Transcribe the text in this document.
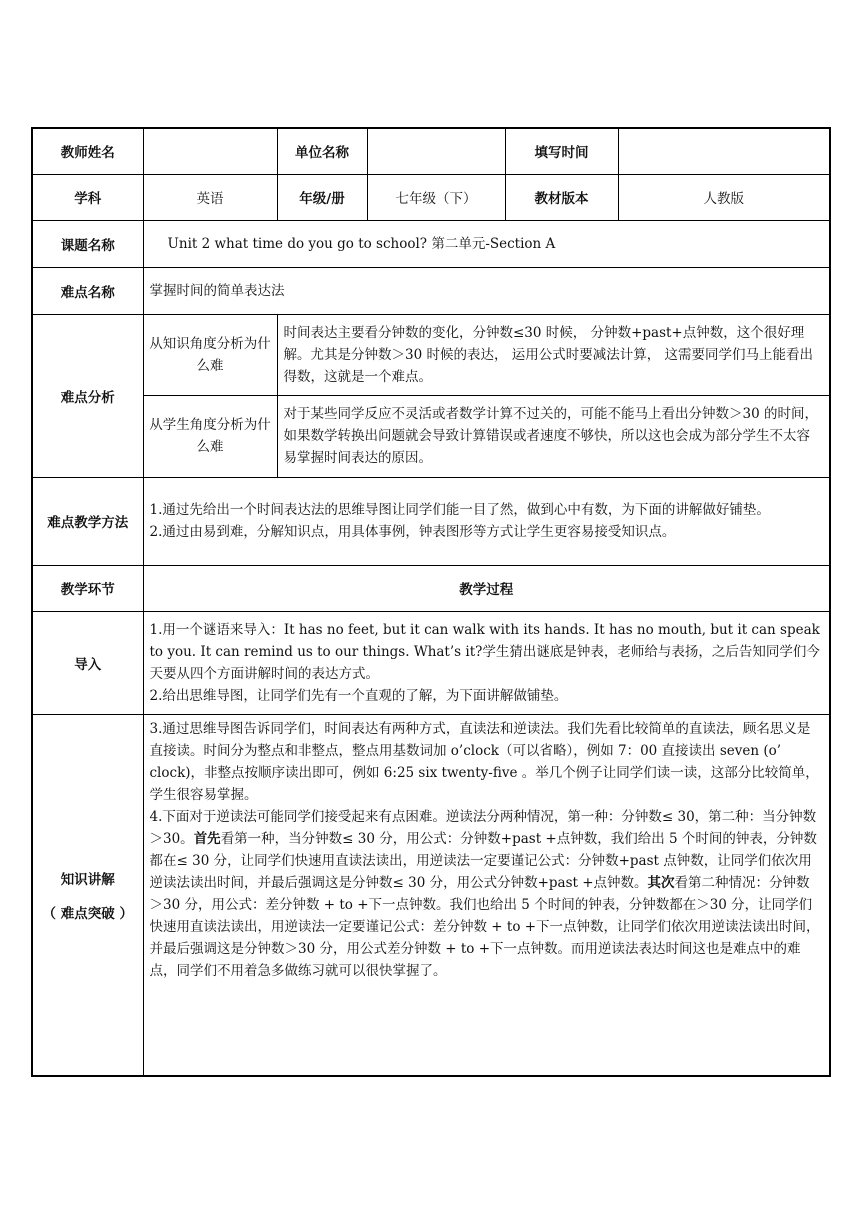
教师姓名		单位名称		填写时间	
学科	英语	年级/册	七年级（下）	教材版本	人教版
课题名称	Unit 2 what time do you go to school? 第二单元-Section A				
难点名称	掌握时间的简单表达法				
难点分析	从知识角度分析为什么难	时间表达主要看分钟数的变化，分钟数≤30 时候， 分钟数+past+点钟数，这个很好理解。尤其是分钟数＞30 时候的表达， 运用公式时要减法计算， 这需要同学们马上能看出得数，这就是一个难点。			
	从学生角度分析为什么难	对于某些同学反应不灵活或者数学计算不过关的，可能不能马上看出分钟数＞30 的时间，如果数学转换出问题就会导致计算错误或者速度不够快，所以这也会成为部分学生不太容易掌握时间表达的原因。			
难点教学方法	1.通过先给出一个时间表达法的思维导图让同学们能一目了然，做到心中有数，为下面的讲解做好铺垫。
2.通过由易到难，分解知识点，用具体事例，钟表图形等方式让学生更容易接受知识点。				

教学环节	教学过程				
导入	1.用一个谜语来导入：It has no feet, but it can walk with its hands. It has no mouth, but it can speak to you. It can remind us to our things. What’s it?学生猜出谜底是钟表，老师给与表扬，之后告知同学们今天要从四个方面讲解时间的表达方式。
2.给出思维导图，让同学们先有一个直观的了解，为下面讲解做铺垫。				

知识讲解
（ 难点突破 ）	3.通过思维导图告诉同学们，时间表达有两种方式，直读法和逆读法。我们先看比较简单的直读法，顾名思义是直接读。时间分为整点和非整点，整点用基数词加 o’clock（可以省略），例如 7：00 直接读出 seven (o’ clock)，非整点按顺序读出即可，例如 6:25 six twenty-five 。举几个例子让同学们读一读，这部分比较简单，学生很容易掌握。
4.下面对于逆读法可能同学们接受起来有点困难。逆读法分两种情况，第一种：分钟数≤ 30，第二种：当分钟数＞30。首先看第一种，当分钟数≤ 30 分，用公式：分钟数+past +点钟数，我们给出 5 个时间的钟表，分钟数都在≤ 30 分，让同学们快速用直读法读出，用逆读法一定要谨记公式：分钟数+past 点钟数，让同学们依次用逆读法读出时间，并最后强调这是分钟数≤ 30 分，用公式分钟数+past +点钟数。其次看第二种情况：分钟数＞30 分，用公式：差分钟数 + to +下一点钟数。我们也给出 5 个时间的钟表，分钟数都在＞30 分，让同学们快速用直读法读出，用逆读法一定要谨记公式：差分钟数 + to +下一点钟数，让同学们依次用逆读法读出时间，并最后强调这是分钟数＞30 分，用公式差分钟数 + to +下一点钟数。而用逆读法表达时间这也是难点中的难点，同学们不用着急多做练习就可以很快掌握了。				
